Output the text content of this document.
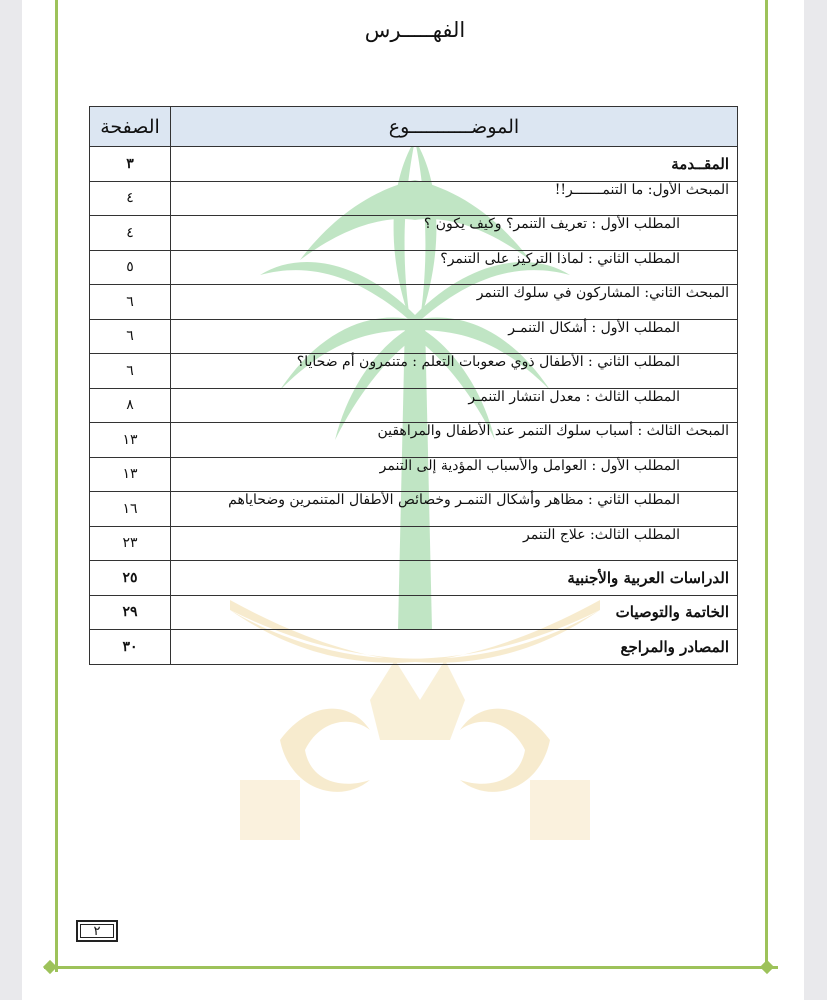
الفهـــــرس
الموضـــــــــــوع	الصفحة
المقــدمة	٣
المبحث الأول: ما التنمـــــــر!!	٤
المطلب الأول : تعريف التنمر؟ وكيف يكون ؟	٤
المطلب الثاني : لماذا التركيز على التنمر؟	٥
المبحث الثاني: المشاركون في سلوك التنمر	٦
المطلب الأول : أشكال التنمـر	٦
المطلب الثاني : الأطفال ذوي صعوبات التعلم : متنمرون أم ضحايا؟	٦
المطلب الثالث : معدل انتشار التنمـر	٨
المبحث الثالث : أسباب سلوك التنمر عند الأطفال والمراهقين	١٣
المطلب الأول : العوامل والأسباب المؤدية إلى التنمر	١٣
المطلب الثاني : مظاهر وأشكال التنمـر وخصائص الأطفال المتنمرين وضحاياهم	١٦
المطلب الثالث: علاج التنمر	٢٣
الدراسات العربية والأجنبية	٢٥
الخاتمة والتوصيات	٢٩
المصادر والمراجع	٣٠
٢
